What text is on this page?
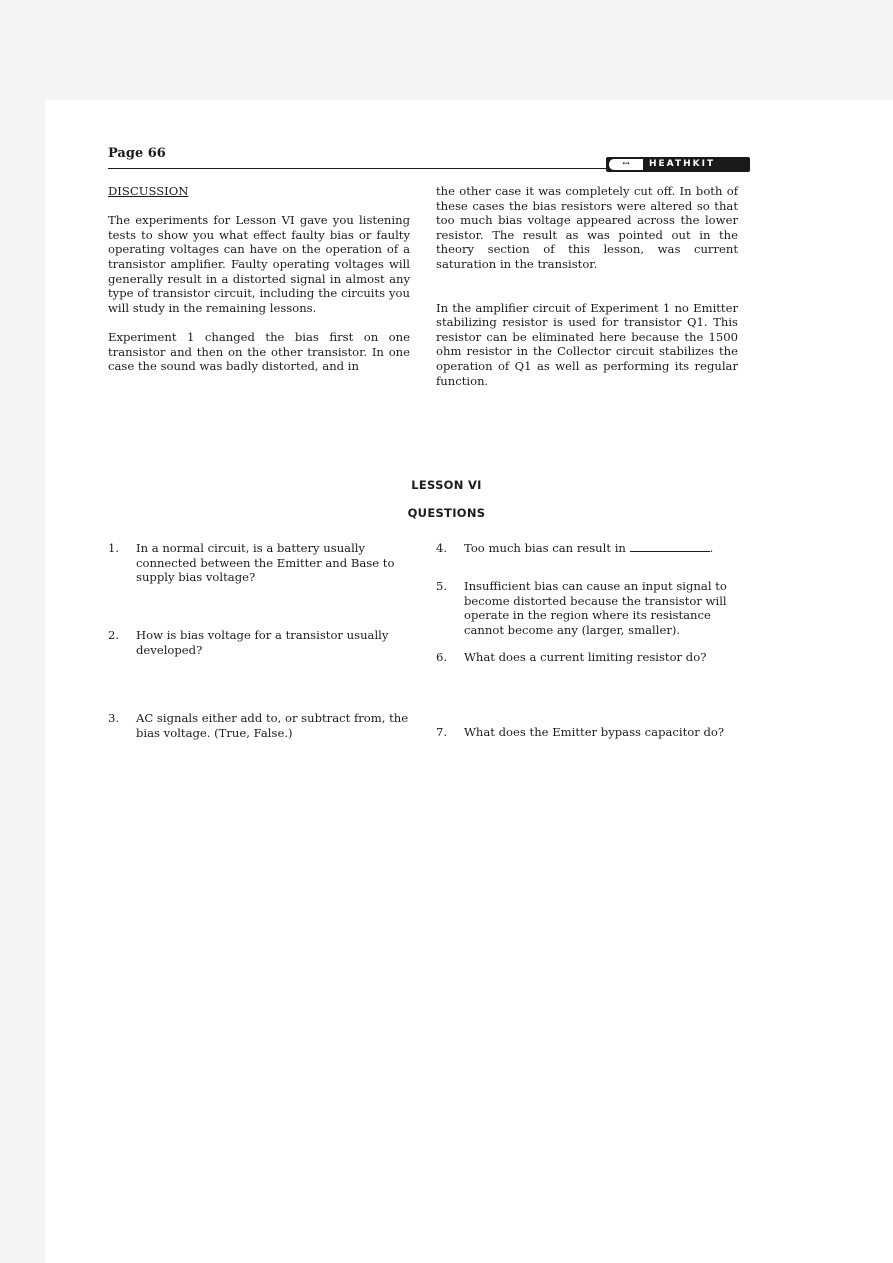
Page 66
↔	HEATHKIT
DISCUSSION

The experiments for Lesson VI gave you listening tests to show you what effect faulty bias or faulty operating voltages can have on the operation of a transistor amplifier. Faulty operating voltages will generally result in a distorted signal in almost any type of transistor circuit, including the circuits you will study in the remaining lessons.

Experiment 1 changed the bias first on one transistor and then on the other transistor. In one case the sound was badly distorted, and in

the other case it was completely cut off. In both of these cases the bias resistors were altered so that too much bias voltage appeared across the lower resistor. The result as was pointed out in the theory section of this lesson, was current saturation in the transistor.

In the amplifier circuit of Experiment 1 no Emitter stabilizing resistor is used for transistor Q1. This resistor can be eliminated here because the 1500 ohm resistor in the Collector circuit stabilizes the operation of Q1 as well as performing its regular function.

LESSON VI
QUESTIONS
1. In a normal circuit, is a battery usually connected between the Emitter and Base to supply bias voltage?
2. How is bias voltage for a transistor usually developed?
3. AC signals either add to, or subtract from, the bias voltage. (True, False.)
4. Too much bias can result in	.
5. Insufficient bias can cause an input signal to become distorted because the transistor will operate in the region where its resistance cannot become any (larger, smaller).
6. What does a current limiting resistor do?
7. What does the Emitter bypass capacitor do?
